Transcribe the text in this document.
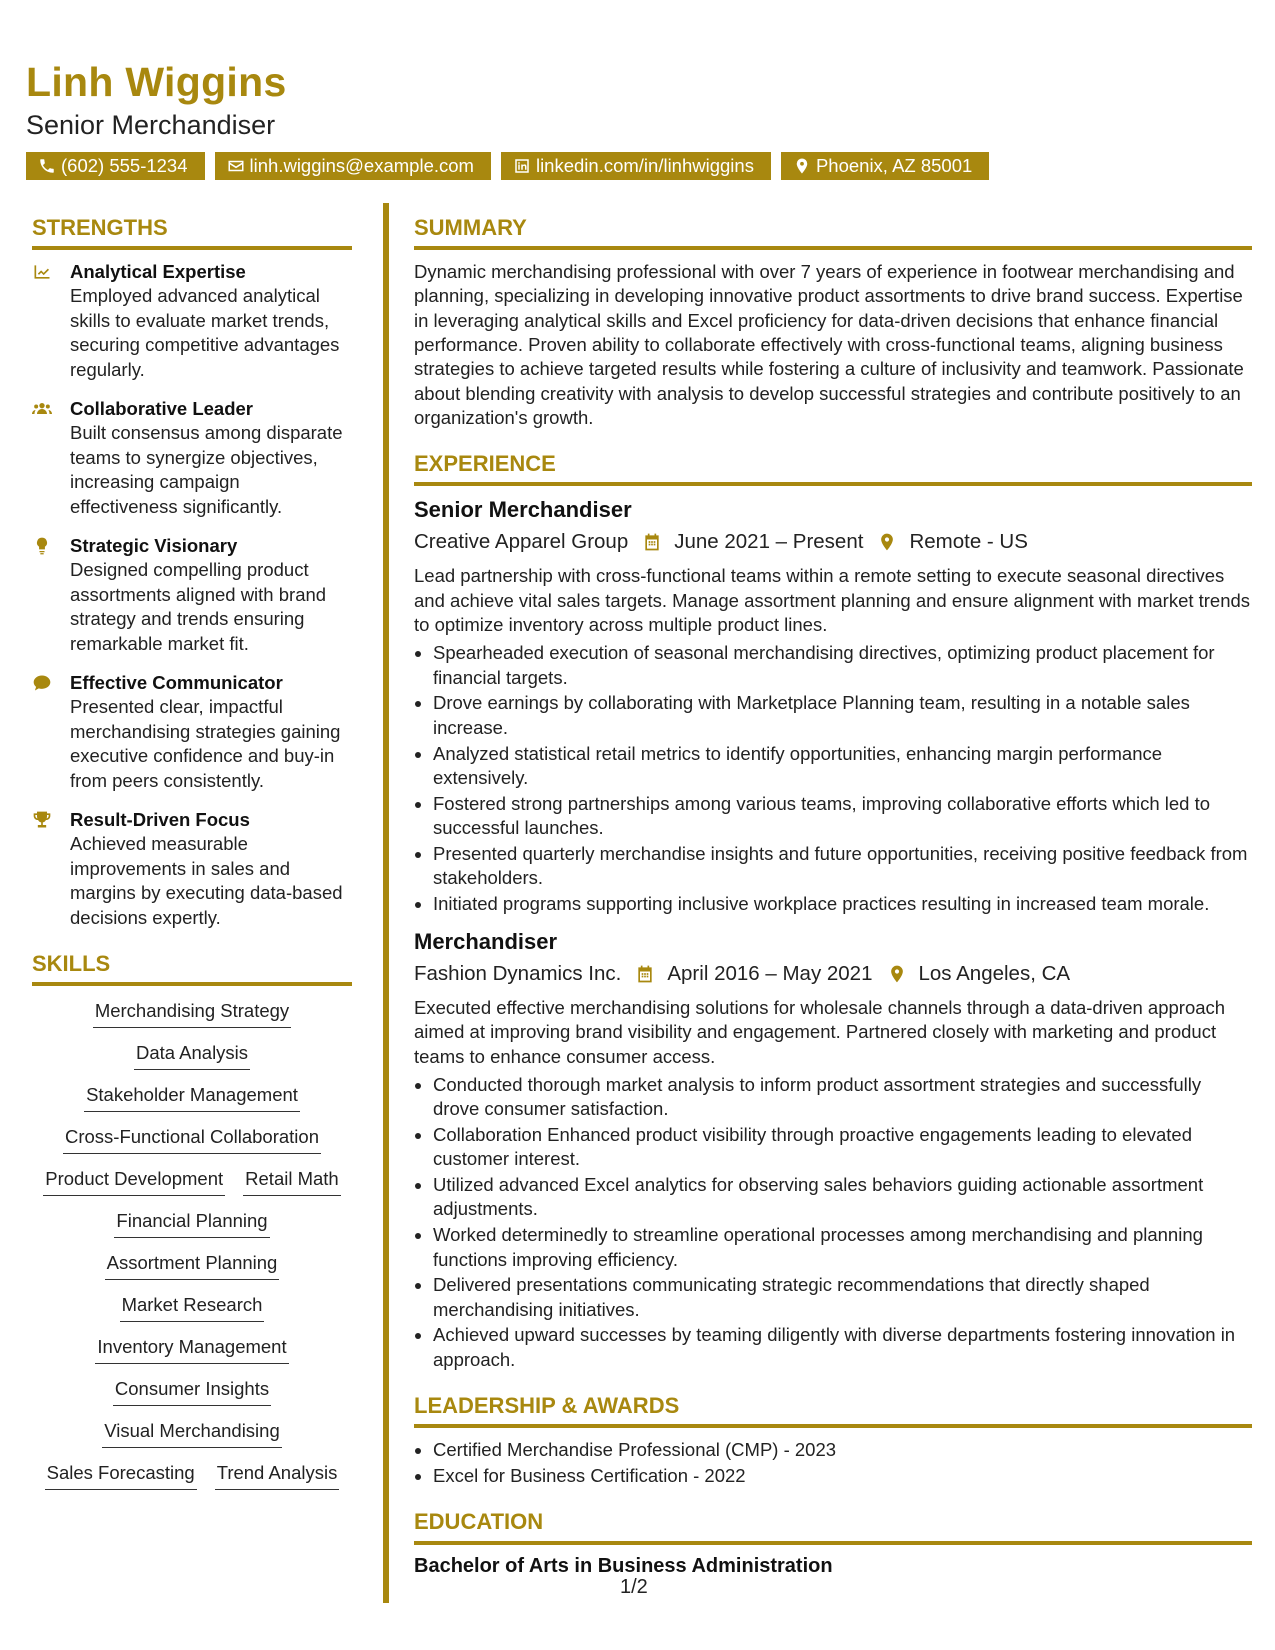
Linh Wiggins
Senior Merchandiser
(602) 555-1234	linh.wiggins@example.com	linkedin.com/in/linhwiggins	Phoenix, AZ 85001
STRENGTHS
Analytical Expertise
Employed advanced analytical skills to evaluate market trends, securing competitive advantages regularly.
Collaborative Leader
Built consensus among disparate teams to synergize objectives, increasing campaign effectiveness significantly.
Strategic Visionary
Designed compelling product assortments aligned with brand strategy and trends ensuring remarkable market fit.
Effective Communicator
Presented clear, impactful merchandising strategies gaining executive confidence and buy-in from peers consistently.
Result-Driven Focus
Achieved measurable improvements in sales and margins by executing data-based decisions expertly.
SKILLS
Merchandising Strategy
Data Analysis
Stakeholder Management
Cross-Functional Collaboration
Product Development Retail Math
Financial Planning
Assortment Planning
Market Research
Inventory Management
Consumer Insights
Visual Merchandising
Sales Forecasting Trend Analysis
SUMMARY

Dynamic merchandising professional with over 7 years of experience in footwear merchandising and planning, specializing in developing innovative product assortments to drive brand success. Expertise in leveraging analytical skills and Excel proficiency for data-driven decisions that enhance financial performance. Proven ability to collaborate effectively with cross-functional teams, aligning business strategies to achieve targeted results while fostering a culture of inclusivity and teamwork. Passionate about blending creativity with analysis to develop successful strategies and contribute positively to an organization's growth.

EXPERIENCE
Senior Merchandiser
Creative Apparel Group June 2021 – Present Remote - US

Lead partnership with cross-functional teams within a remote setting to execute seasonal directives and achieve vital sales targets. Manage assortment planning and ensure alignment with market trends to optimize inventory across multiple product lines.

• Spearheaded execution of seasonal merchandising directives, optimizing product placement for financial targets.
• Drove earnings by collaborating with Marketplace Planning team, resulting in a notable sales increase.
• Analyzed statistical retail metrics to identify opportunities, enhancing margin performance extensively.
• Fostered strong partnerships among various teams, improving collaborative efforts which led to successful launches.
• Presented quarterly merchandise insights and future opportunities, receiving positive feedback from stakeholders.
• Initiated programs supporting inclusive workplace practices resulting in increased team morale.
Merchandiser
Fashion Dynamics Inc. April 2016 – May 2021 Los Angeles, CA

Executed effective merchandising solutions for wholesale channels through a data-driven approach aimed at improving brand visibility and engagement. Partnered closely with marketing and product teams to enhance consumer access.

• Conducted thorough market analysis to inform product assortment strategies and successfully drove consumer satisfaction.
• Collaboration Enhanced product visibility through proactive engagements leading to elevated customer interest.
• Utilized advanced Excel analytics for observing sales behaviors guiding actionable assortment adjustments.
• Worked determinedly to streamline operational processes among merchandising and planning functions improving efficiency.
• Delivered presentations communicating strategic recommendations that directly shaped merchandising initiatives.
• Achieved upward successes by teaming diligently with diverse departments fostering innovation in approach.
LEADERSHIP & AWARDS
• Certified Merchandise Professional (CMP) - 2023
• Excel for Business Certification - 2022
EDUCATION
Bachelor of Arts in Business Administration
1/2
